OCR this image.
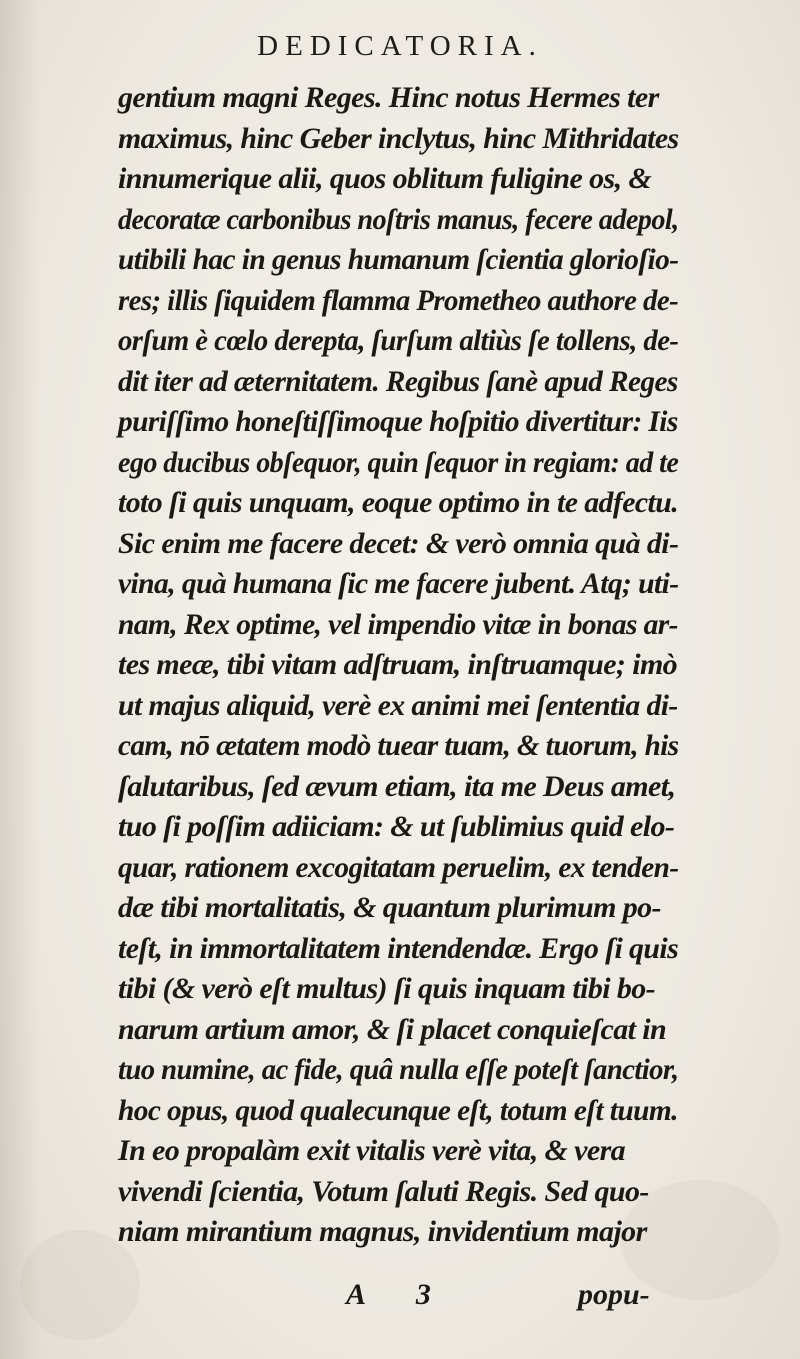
DEDICATORIA.
gentium magni Reges. Hinc notus Hermes ter
maximus, hinc Geber inclytus, hinc Mithridates
innumerique alii, quos oblitum fuligine os, &
decoratæ carbonibus noſtris manus, fecere adepol,
utibili hac in genus humanum ſcientia glorioſio-
res; illis ſiquidem flamma Prometheo authore de-
orſum è cœlo derepta, ſurſum altiùs ſe tollens, de-
dit iter ad æternitatem. Regibus ſanè apud Reges
puriſſimo honeſtiſſimoque hoſpitio divertitur: Iis
ego ducibus obſequor, quin ſequor in regiam: ad te
toto ſi quis unquam, eoque optimo in te adfectu.
Sic enim me facere decet: & verò omnia quà di-
vina, quà humana ſic me facere jubent. Atq; uti-
nam, Rex optime, vel impendio vitæ in bonas ar-
tes meæ, tibi vitam adſtruam, inſtruamque; imò
ut majus aliquid, verè ex animi mei ſententia di-
cam, nō ætatem modò tuear tuam, & tuorum, his
ſalutaribus, ſed ævum etiam, ita me Deus amet,
tuo ſi poſſim adiiciam: & ut ſublimius quid elo-
quar, rationem excogitatam peruelim, ex tenden-
dæ tibi mortalitatis, & quantum plurimum po-
teſt, in immortalitatem intendendæ. Ergo ſi quis
tibi (& verò eſt multus) ſi quis inquam tibi bo-
narum artium amor, & ſi placet conquieſcat in
tuo numine, ac fide, quâ nulla eſſe poteſt ſanctior,
hoc opus, quod qualecunque eſt, totum eſt tuum.
In eo propalàm exit vitalis verè vita, & vera
vivendi ſcientia, Votum ſaluti Regis. Sed quo-
niam mirantium magnus, invidentium major
A 3	popu-
